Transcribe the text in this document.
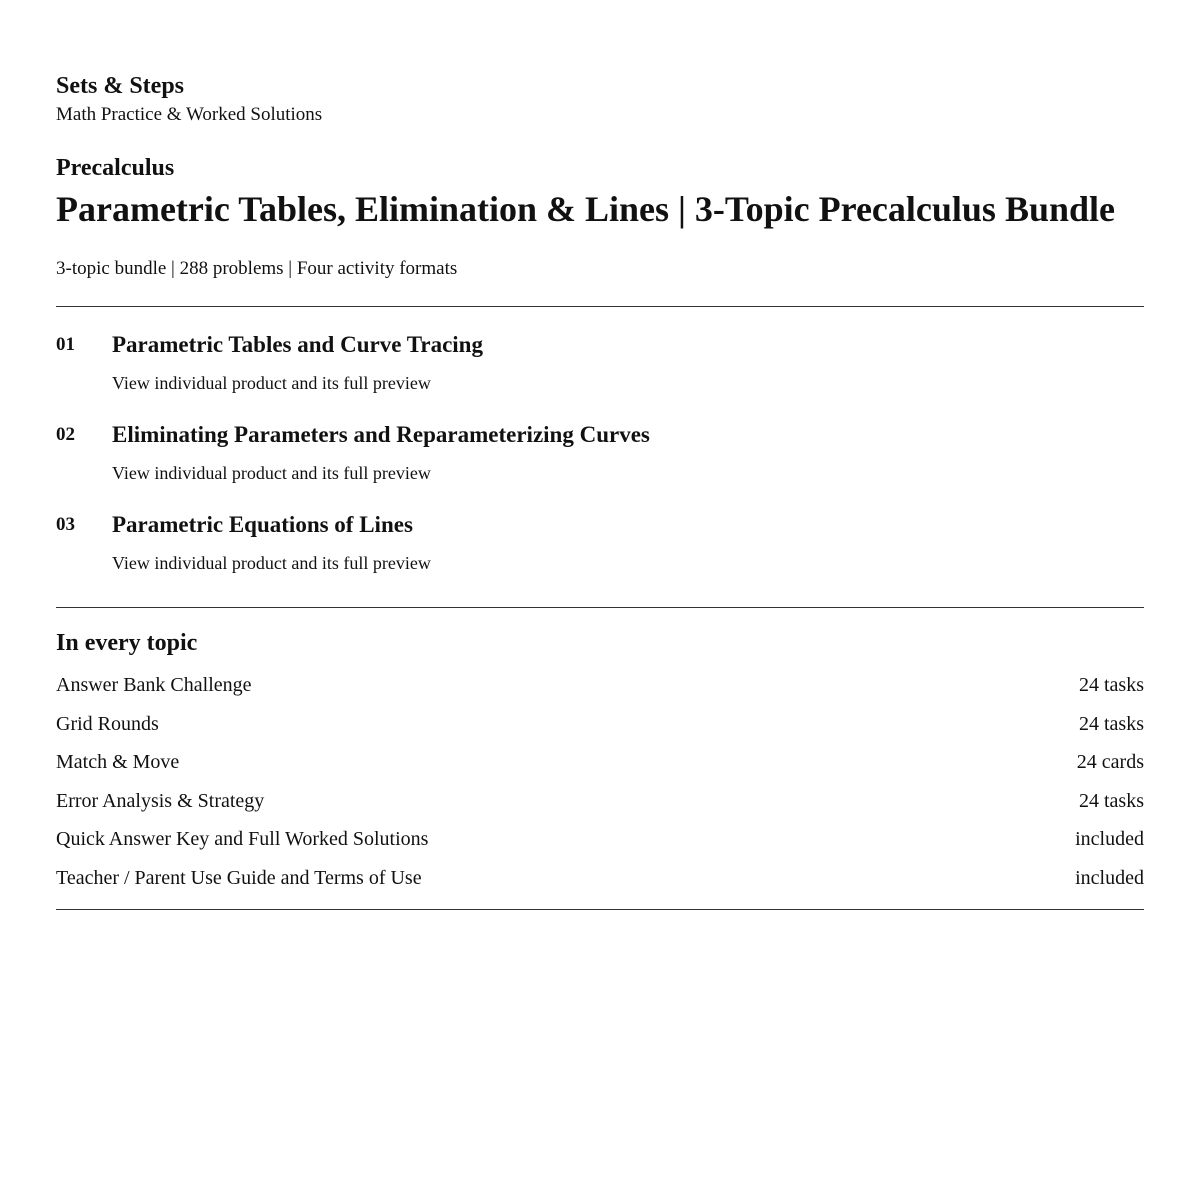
Sets & Steps

Math Practice & Worked Solutions

Precalculus

Parametric Tables, Elimination & Lines | 3-Topic Precalculus Bundle

3-topic bundle | 288 problems | Four activity formats

01	Parametric Tables and Curve Tracing
View individual product and its full preview
02	Eliminating Parameters and Reparameterizing Curves
View individual product and its full preview
03	Parametric Equations of Lines
View individual product and its full preview
In every topic
Answer Bank Challenge	24 tasks
Grid Rounds	24 tasks
Match & Move	24 cards
Error Analysis & Strategy	24 tasks
Quick Answer Key and Full Worked Solutions	included
Teacher / Parent Use Guide and Terms of Use	included
